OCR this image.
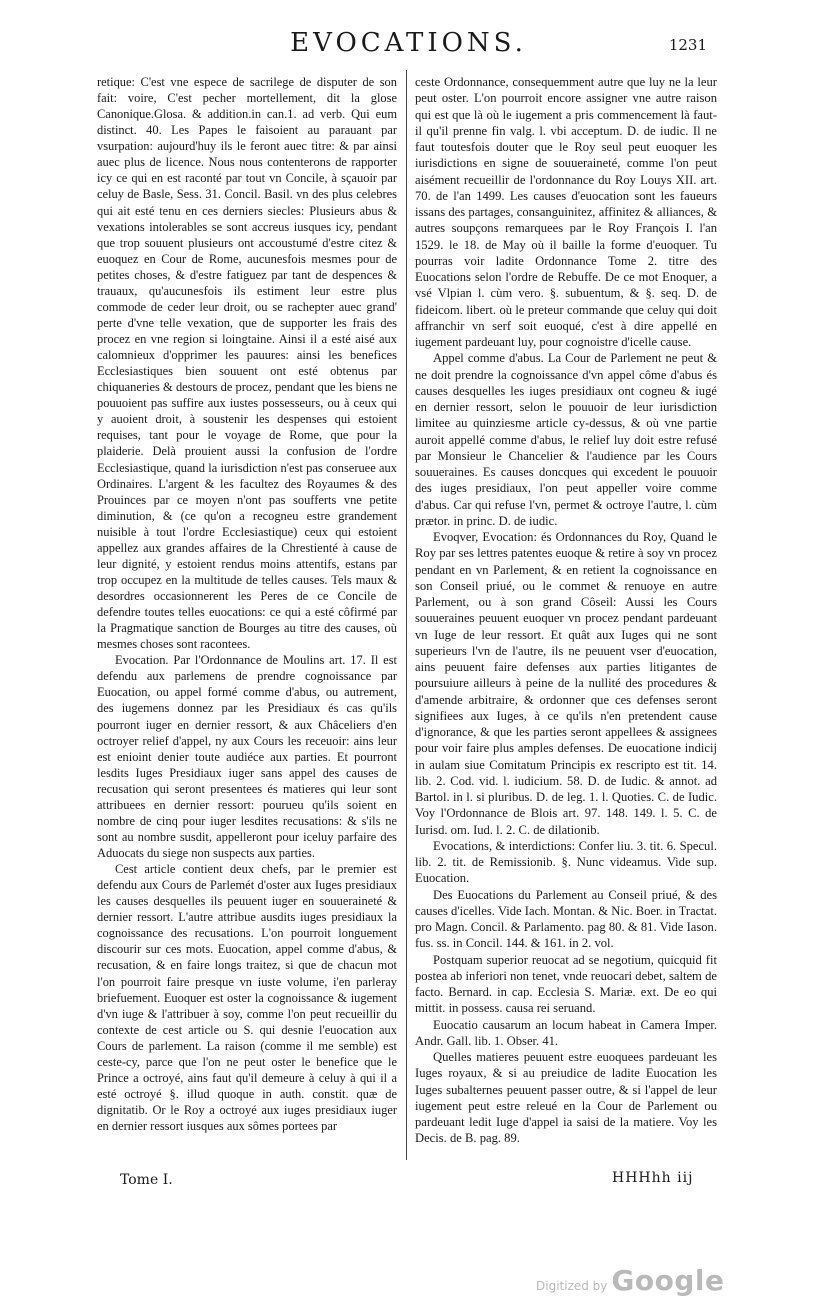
EVOCATIONS.	1231

retique: C'est vne espece de sacrilege de disputer de son fait: voire, C'est pecher mortellement, dit la glose Canonique.Glosa. & addition.in can.1. ad verb. Qui eum distinct. 40. Les Papes le faisoient au parauant par vsurpation: aujourd'huy ils le feront auec titre: & par ainsi auec plus de licence. Nous nous contenterons de rapporter icy ce qui en est raconté par tout vn Concile, à sçauoir par celuy de Basle, Sess. 31. Concil. Basil. vn des plus celebres qui ait esté tenu en ces derniers siecles: Plusieurs abus & vexations intolerables se sont accreus iusques icy, pendant que trop souuent plusieurs ont accoustumé d'estre citez & euoquez en Cour de Rome, aucunesfois mesmes pour de petites choses, & d'estre fatiguez par tant de despences & trauaux, qu'aucunesfois ils estiment leur estre plus commode de ceder leur droit, ou se rachepter auec grand' perte d'vne telle vexation, que de supporter les frais des procez en vne region si loingtaine. Ainsi il a esté aisé aux calomnieux d'opprimer les pauures: ainsi les benefices Ecclesiastiques bien souuent ont esté obtenus par chiquaneries & destours de procez, pendant que les biens ne pouuoient pas suffire aux iustes possesseurs, ou à ceux qui y auoient droit, à soustenir les despenses qui estoient requises, tant pour le voyage de Rome, que pour la plaiderie. Delà prouient aussi la confusion de l'ordre Ecclesiastique, quand la iurisdiction n'est pas conseruee aux Ordinaires. L'argent & les facultez des Royaumes & des Prouinces par ce moyen n'ont pas soufferts vne petite diminution, & (ce qu'on a recogneu estre grandement nuisible à tout l'ordre Ecclesiastique) ceux qui estoient appellez aux grandes affaires de la Chrestienté à cause de leur dignité, y estoient rendus moins attentifs, estans par trop occupez en la multitude de telles causes. Tels maux & desordres occasionnerent les Peres de ce Concile de defendre toutes telles euocations: ce qui a esté côfirmé par la Pragmatique sanction de Bourges au titre des causes, où mesmes choses sont racontees.

Evocation. Par l'Ordonnance de Moulins art. 17. Il est defendu aux parlemens de prendre cognoissance par Euocation, ou appel formé comme d'abus, ou autrement, des iugemens donnez par les Presidiaux és cas qu'ils pourront iuger en dernier ressort, & aux Châceliers d'en octroyer relief d'appel, ny aux Cours les receuoir: ains leur est enioint denier toute audiéce aux parties. Et pourront lesdits Iuges Presidiaux iuger sans appel des causes de recusation qui seront presentees és matieres qui leur sont attribuees en dernier ressort: pourueu qu'ils soient en nombre de cinq pour iuger lesdites recusations: & s'ils ne sont au nombre susdit, appelleront pour iceluy parfaire des Aduocats du siege non suspects aux parties.

Cest article contient deux chefs, par le premier est defendu aux Cours de Parlemét d'oster aux Iuges presidiaux les causes desquelles ils peuuent iuger en souueraineté & dernier ressort. L'autre attribue ausdits iuges presidiaux la cognoissance des recusations. L'on pourroit longuement discourir sur ces mots. Euocation, appel comme d'abus, & recusation, & en faire longs traitez, si que de chacun mot l'on pourroit faire presque vn iuste volume, i'en parleray briefuement. Euoquer est oster la cognoissance & iugement d'vn iuge & l'attribuer à soy, comme l'on peut recueillir du contexte de cest article ou S. qui desnie l'euocation aux Cours de parlement. La raison (comme il me semble) est ceste-cy, parce que l'on ne peut oster le benefice que le Prince a octroyé, ains faut qu'il demeure à celuy à qui il a esté octroyé §. illud quoque in auth. constit. quæ de dignitatib. Or le Roy a octroyé aux iuges presidiaux iuger en dernier ressort iusques aux sômes portees par

ceste Ordonnance, consequemment autre que luy ne la leur peut oster. L'on pourroit encore assigner vne autre raison qui est que là où le iugement a pris commencement là faut-il qu'il prenne fin valg. l. vbi acceptum. D. de iudic. Il ne faut toutesfois douter que le Roy seul peut euoquer les iurisdictions en signe de souueraineté, comme l'on peut aisément recueillir de l'ordonnance du Roy Louys XII. art. 70. de l'an 1499. Les causes d'euocation sont les faueurs issans des partages, consanguinitez, affinitez & alliances, & autres soupçons remarquees par le Roy François I. l'an 1529. le 18. de May où il baille la forme d'euoquer. Tu pourras voir ladite Ordonnance Tome 2. titre des Euocations selon l'ordre de Rebuffe. De ce mot Enoquer, a vsé Vlpian l. cùm vero. §. subuentum, & §. seq. D. de fideicom. libert. où le preteur commande que celuy qui doit affranchir vn serf soit euoqué, c'est à dire appellé en iugement pardeuant luy, pour cognoistre d'icelle cause.

Appel comme d'abus. La Cour de Parlement ne peut & ne doit prendre la cognoissance d'vn appel côme d'abus és causes desquelles les iuges presidiaux ont cogneu & iugé en dernier ressort, selon le pouuoir de leur iurisdiction limitee au quinziesme article cy-dessus, & où vne partie auroit appellé comme d'abus, le relief luy doit estre refusé par Monsieur le Chancelier & l'audience par les Cours souueraines. Es causes doncques qui excedent le pouuoir des iuges presidiaux, l'on peut appeller voire comme d'abus. Car qui refuse l'vn, permet & octroye l'autre, l. cùm prætor. in princ. D. de iudic.

Evoqver, Evocation: és Ordonnances du Roy, Quand le Roy par ses lettres patentes euoque & retire à soy vn procez pendant en vn Parlement, & en retient la cognoissance en son Conseil priué, ou le commet & renuoye en autre Parlement, ou à son grand Côseil: Aussi les Cours souueraines peuuent euoquer vn procez pendant pardeuant vn Iuge de leur ressort. Et quât aux Iuges qui ne sont superieurs l'vn de l'autre, ils ne peuuent vser d'euocation, ains peuuent faire defenses aux parties litigantes de poursuiure ailleurs à peine de la nullité des procedures & d'amende arbitraire, & ordonner que ces defenses seront signifiees aux Iuges, à ce qu'ils n'en pretendent cause d'ignorance, & que les parties seront appellees & assignees pour voir faire plus amples defenses. De euocatione indicij in aulam siue Comitatum Principis ex rescripto est tit. 14. lib. 2. Cod. vid. l. iudicium. 58. D. de Iudic. & annot. ad Bartol. in l. si pluribus. D. de leg. 1. l. Quoties. C. de Iudic. Voy l'Ordonnance de Blois art. 97. 148. 149. l. 5. C. de Iurisd. om. Iud. l. 2. C. de dilationib.

Evocations, & interdictions: Confer liu. 3. tit. 6. Specul. lib. 2. tit. de Remissionib. §. Nunc videamus. Vide sup. Euocation.

Des Euocations du Parlement au Conseil priué, & des causes d'icelles. Vide Iach. Montan. & Nic. Boer. in Tractat. pro Magn. Concil. & Parlamento. pag 80. & 81. Vide Iason. fus. ss. in Concil. 144. & 161. in 2. vol.

Postquam superior reuocat ad se negotium, quicquid fit postea ab inferiori non tenet, vnde reuocari debet, saltem de facto. Bernard. in cap. Ecclesia S. Mariæ. ext. De eo qui mittit. in possess. causa rei seruand.

Euocatio causarum an locum habeat in Camera Imper. Andr. Gall. lib. 1. Obser. 41.

Quelles matieres peuuent estre euoquees pardeuant les Iuges royaux, & si au preiudice de ladite Euocation les Iuges subalternes peuuent passer outre, & si l'appel de leur iugement peut estre releué en la Cour de Parlement ou pardeuant ledit Iuge d'appel ia saisi de la matiere. Voy les Decis. de B. pag. 89.

Tome I.	HHHhh iij
Digitized by Google
